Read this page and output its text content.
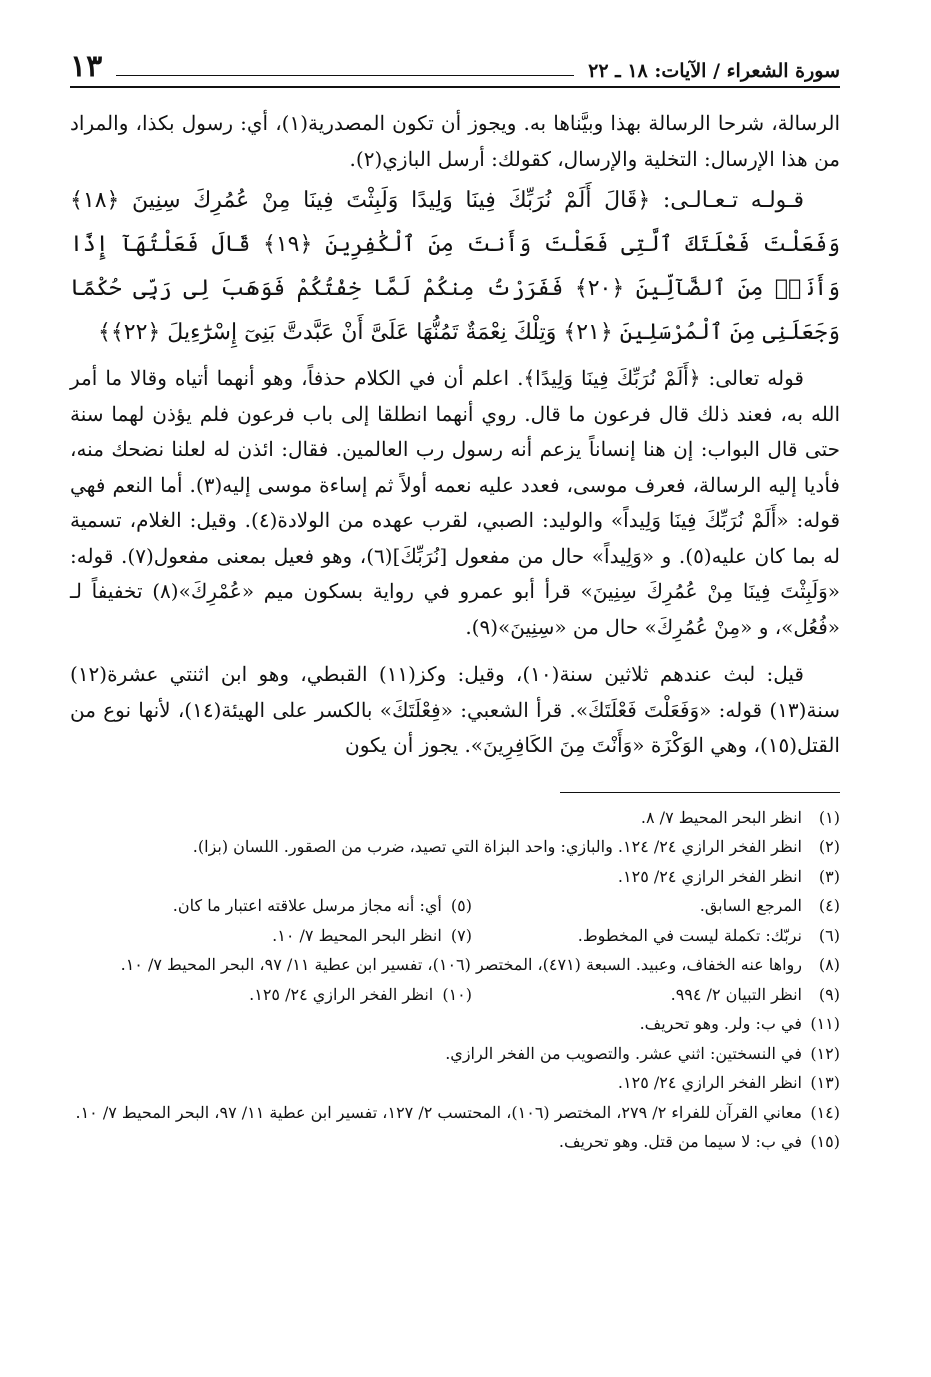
سورة الشعراء / الآيات: ١٨ ـ ٢٢
١٣

الرسالة، شرحا الرسالة بهذا وبيَّناها به. ويجوز أن تكون المصدرية(١)، أي: رسول بكذا، والمراد من هذا الإرسال: التخلية والإرسال، كقولك: أرسل البازي(٢).

قـولـه تـعـالـى: ﴿قَالَ أَلَمْ نُرَبِّكَ فِينَا وَلِيدًا وَلَبِثْتَ فِينَا مِنْ عُمُرِكَ سِنِينَ ﴿١٨﴾ وَفَعَلْتَ فَعْلَتَكَ ٱلَّتِى فَعَلْتَ وَأَنتَ مِنَ ٱلْكَٰفِرِينَ ﴿١٩﴾ قَالَ فَعَلْتُهَآ إِذًا وَأَنَا۠ مِنَ ٱلضَّآلِّينَ ﴿٢٠﴾ فَفَرَرْتُ مِنكُمْ لَمَّا خِفْتُكُمْ فَوَهَبَ لِى رَبِّى حُكْمًا وَجَعَلَنِى مِنَ ٱلْمُرْسَلِينَ ﴿٢١﴾ وَتِلْكَ نِعْمَةٌ تَمُنُّهَا عَلَىَّ أَنْ عَبَّدتَّ بَنِىٓ إِسْرَٰٓءِيلَ ﴿٢٢﴾﴾

قوله تعالى: ﴿أَلَمْ نُرَبِّكَ فِينَا وَلِيدًا﴾. اعلم أن في الكلام حذفاً، وهو أنهما أتياه وقالا ما أمر الله به، فعند ذلك قال فرعون ما قال. روي أنهما انطلقا إلى باب فرعون فلم يؤذن لهما سنة حتى قال البواب: إن هنا إنساناً يزعم أنه رسول رب العالمين. فقال: ائذن له لعلنا نضحك منه، فأديا إليه الرسالة، فعرف موسى، فعدد عليه نعمه أولاً ثم إساءة موسى إليه(٣). أما النعم فهي قوله: «أَلَمْ نُرَبِّكَ فِينَا وَلِيداً» والوليد: الصبي، لقرب عهده من الولادة(٤). وقيل: الغلام، تسمية له بما كان عليه(٥). و «وَلِيداً» حال من مفعول [نُرَبِّكَ](٦)، وهو فعيل بمعنى مفعول(٧). قوله: «وَلَبِثْتَ فِينَا مِنْ عُمُرِكَ سِنِينَ» قرأ أبو عمرو في رواية بسكون ميم «عُمْرِكَ»(٨) تخفيفاً لـ «فُعُل»، و «مِنْ عُمُرِكَ» حال من «سِنِينَ»(٩).

قيل: لبث عندهم ثلاثين سنة(١٠)، وقيل: وكز(١١) القبطي، وهو ابن اثنتي عشرة(١٢) سنة(١٣) قوله: «وَفَعَلْتَ فَعْلَتَكَ». قرأ الشعبي: «فِعْلَتَكَ» بالكسر على الهيئة(١٤)، لأنها نوع من القتل(١٥)، وهي الوَكْزَة «وَأَنْتَ مِنَ الكَافِرِينَ». يجوز أن يكون

(١)
انظر البحر المحيط ٧/ ٨.
(٢)
انظر الفخر الرازي ٢٤/ ١٢٤. والبازي: واحد البزاة التي تصيد، ضرب من الصقور. اللسان (بزا).
(٣)
انظر الفخر الرازي ٢٤/ ١٢٥.
(٤)
المرجع السابق.
(٥) أي: أنه مجاز مرسل علاقته اعتبار ما كان.
(٦)
نربّك: تكملة ليست في المخطوط.
(٧) انظر البحر المحيط ٧/ ١٠.
(٨)
رواها عنه الخفاف، وعبيد. السبعة (٤٧١)، المختصر (١٠٦)، تفسير ابن عطية ١١/ ٩٧، البحر المحيط ٧/ ١٠.
(٩)
انظر التبيان ٢/ ٩٩٤.
(١٠) انظر الفخر الرازي ٢٤/ ١٢٥.
(١١)
في ب: ولر. وهو تحريف.
(١٢)
في النسختين: اثني عشر. والتصويب من الفخر الرازي.
(١٣)
انظر الفخر الرازي ٢٤/ ١٢٥.
(١٤)
معاني القرآن للفراء ٢/ ٢٧٩، المختصر (١٠٦)، المحتسب ٢/ ١٢٧، تفسير ابن عطية ١١/ ٩٧، البحر المحيط ٧/ ١٠.
(١٥)
في ب: لا سيما من قتل. وهو تحريف.
